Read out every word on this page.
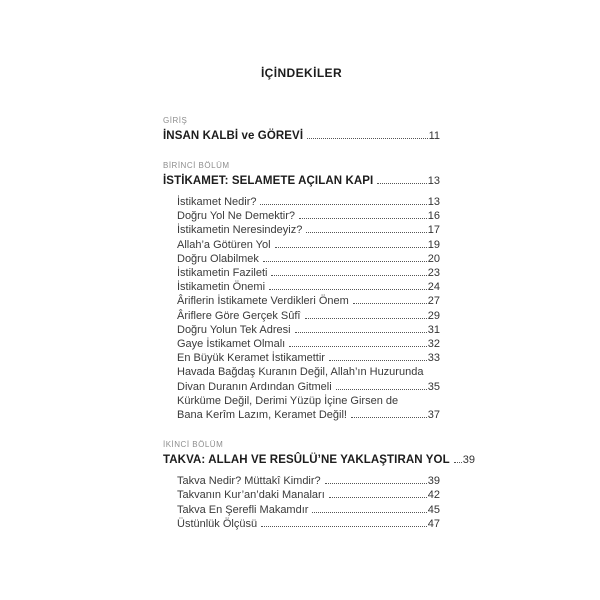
İÇİNDEKİLER
GİRİŞ
İNSAN KALBİ ve GÖREVİ	11
BİRİNCİ BÖLÜM
İSTİKAMET: SELAMETE AÇILAN KAPI	13
İstikamet Nedir?	13
Doğru Yol Ne Demektir?	16
İstikametin Neresindeyiz?	17
Allah’a Götüren Yol	19
Doğru Olabilmek	20
İstikametin Fazileti	23
İstikametin Önemi	24
Âriflerin İstikamete Verdikleri Önem	27
Âriflere Göre Gerçek Sûfî	29
Doğru Yolun Tek Adresi	31
Gaye İstikamet Olmalı	32
En Büyük Keramet İstikamettir	33
Havada Bağdaş Kuranın Değil, Allah’ın Huzurunda
Divan Duranın Ardından Gitmeli	35
Kürküme Değil, Derimi Yüzüp İçine Girsen de
Bana Kerîm Lazım, Keramet Değil!	37
İKİNCİ BÖLÜM
TAKVA: ALLAH VE RESÛLÜ’NE YAKLAŞTIRAN YOL 39
Takva Nedir? Müttakî Kimdir?	39
Takvanın Kur’an’daki Manaları	42
Takva En Şerefli Makamdır	45
Üstünlük Ölçüsü	47
